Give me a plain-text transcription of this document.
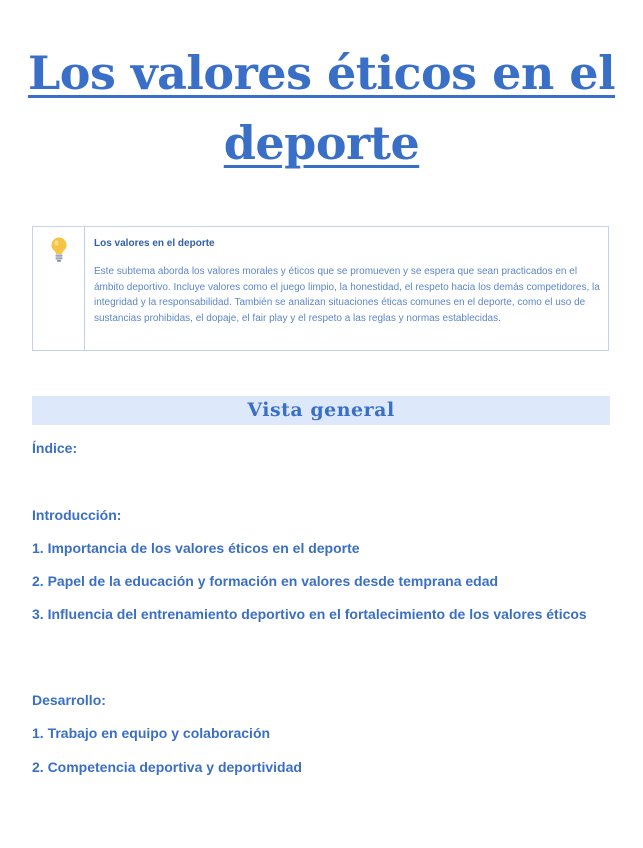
Los valores éticos en el deporte

Los valores en el deporte

Este subtema aborda los valores morales y éticos que se promueven y se espera que sean practicados en el ámbito deportivo. Incluye valores como el juego limpio, la honestidad, el respeto hacia los demás competidores, la integridad y la responsabilidad. También se analizan situaciones éticas comunes en el deporte, como el uso de sustancias prohibidas, el dopaje, el fair play y el respeto a las reglas y normas establecidas.

Vista general

Índice:

Introducción:

1. Importancia de los valores éticos en el deporte

2. Papel de la educación y formación en valores desde temprana edad

3. Influencia del entrenamiento deportivo en el fortalecimiento de los valores éticos

Desarrollo:

1. Trabajo en equipo y colaboración

2. Competencia deportiva y deportividad
